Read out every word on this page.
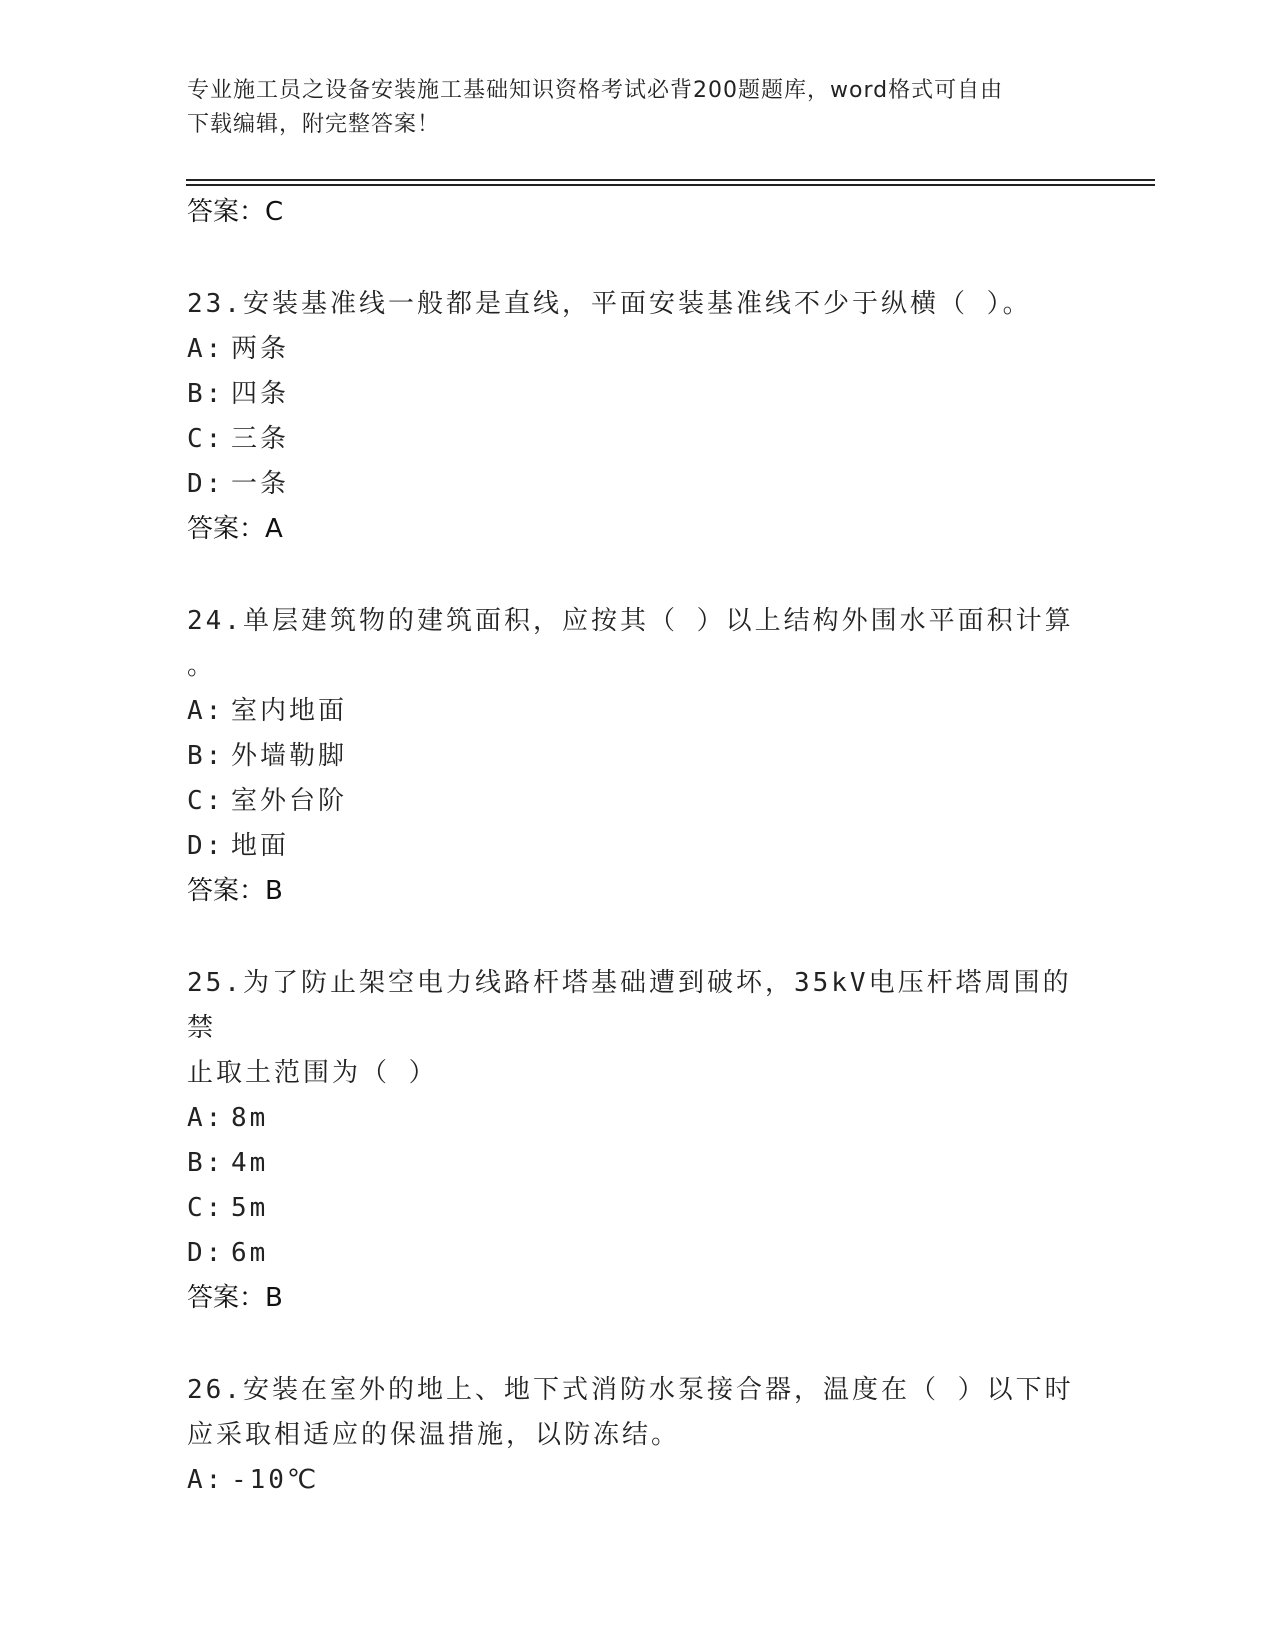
专业施工员之设备安装施工基础知识资格考试必背200题题库，word格式可自由
下载编辑，附完整答案！
答案：C
23.安装基准线一般都是直线，平面安装基准线不少于纵横（ ）。
A: 两条
B: 四条
C: 三条
D: 一条
答案：A
24.单层建筑物的建筑面积，应按其（ ）以上结构外围水平面积计算
。
A: 室内地面
B: 外墙勒脚
C: 室外台阶
D: 地面
答案：B
25.为了防止架空电力线路杆塔基础遭到破坏，35kV电压杆塔周围的禁
止取土范围为（ ）
A: 8m
B: 4m
C: 5m
D: 6m
答案：B
26.安装在室外的地上、地下式消防水泵接合器，温度在（ ）以下时
应采取相适应的保温措施，以防冻结。
A: -10℃
